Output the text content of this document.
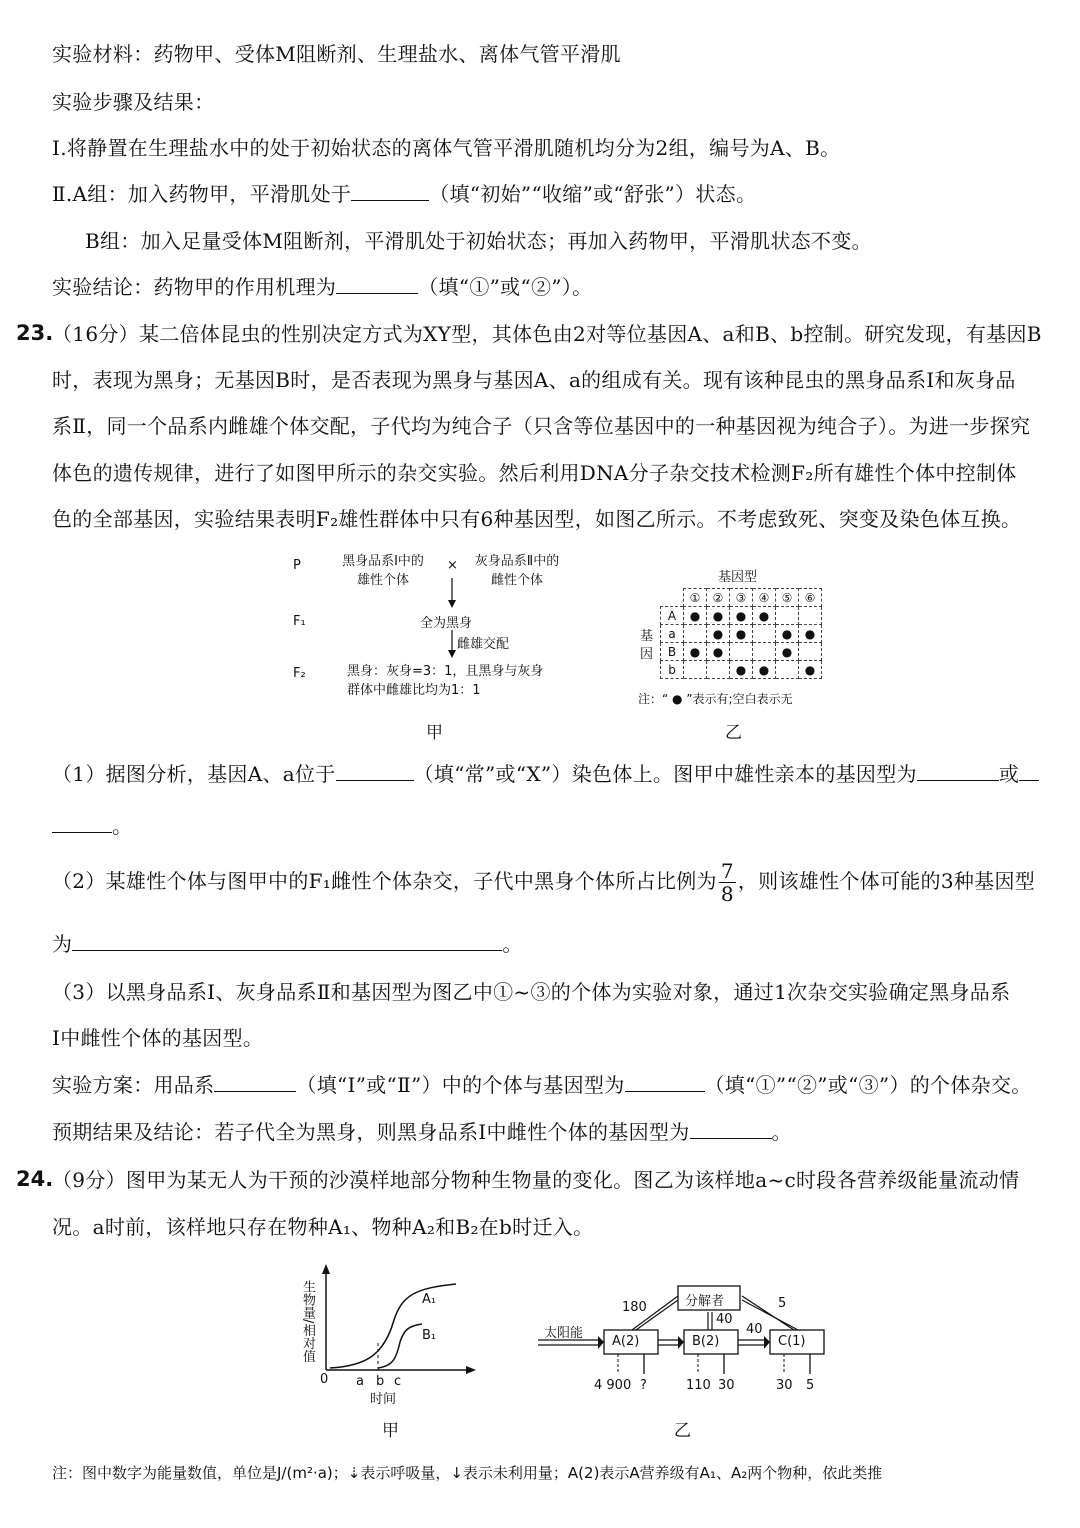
实验材料：药物甲、受体M阻断剂、生理盐水、离体气管平滑肌
实验步骤及结果：
Ⅰ.将静置在生理盐水中的处于初始状态的离体气管平滑肌随机均分为2组，编号为A、B。
Ⅱ.A组：加入药物甲，平滑肌处于	（填“初始”“收缩”或“舒张”）状态。
B组：加入足量受体M阻断剂，平滑肌处于初始状态；再加入药物甲，平滑肌状态不变。
实验结论：药物甲的作用机理为	（填“①”或“②”）。
23.
（16分）某二倍体昆虫的性别决定方式为XY型，其体色由2对等位基因A、a和B、b控制。研究发现，有基因B
时，表现为黑身；无基因B时，是否表现为黑身与基因A、a的组成有关。现有该种昆虫的黑身品系Ⅰ和灰身品
系Ⅱ，同一个品系内雌雄个体交配，子代均为纯合子（只含等位基因中的一种基因视为纯合子）。为进一步探究
体色的遗传规律，进行了如图甲所示的杂交实验。然后利用DNA分子杂交技术检测F₂所有雄性个体中控制体
色的全部基因，实验结果表明F₂雄性群体中只有6种基因型，如图乙所示。不考虑致死、突变及染色体互换。
P	黑身品系Ⅰ中的
雄性个体
×	灰身品系Ⅱ中的
雌性个体
F₁	全为黑身
雌雄交配
F₂	黑身：灰身=3：1，且黑身与灰身
群体中雌雄比均为1：1
甲
基因型
基
因
	①	②	③	④	⑤	⑥
A	●	●	●	●		
a		●	●		●	●
B	●	●			●	
b			●	●		●
注：“ ● ”表示有;空白表示无
乙
（1）据图分析，基因A、a位于	（填“常”或“X”）染色体上。图甲中雄性亲本的基因型为	或
。
（2）某雄性个体与图甲中的F₁雌性个体杂交，子代中黑身个体所占比例为 $\frac{7}{8}$ ，则该雄性个体可能的3种基因型
为	。
（3）以黑身品系Ⅰ、灰身品系Ⅱ和基因型为图乙中①~③的个体为实验对象，通过1次杂交实验确定黑身品系
Ⅰ中雌性个体的基因型。
实验方案：用品系	（填“Ⅰ”或“Ⅱ”）中的个体与基因型为	（填“①”“②”或“③”）的个体杂交。
预期结果及结论：若子代全为黑身，则黑身品系Ⅰ中雌性个体的基因型为	。
24.
（9分）图甲为某无人为干预的沙漠样地部分物种生物量的变化。图乙为该样地a~c时段各营养级能量流动情
况。a时前，该样地只存在物种A₁、物种A₂和B₂在b时迁入。
生物量/相对值
0 a b c
时间
A₁
B₁
甲
太阳能
分解者
A(2)	B(2)	C(1)
180
40
5
40
4 900 ?	110 30	30 5
乙
注：图中数字为能量数值，单位是J/(m²·a)；⇣表示呼吸量，↓表示未利用量；A(2)表示A营养级有A₁、A₂两个物种，依此类推
